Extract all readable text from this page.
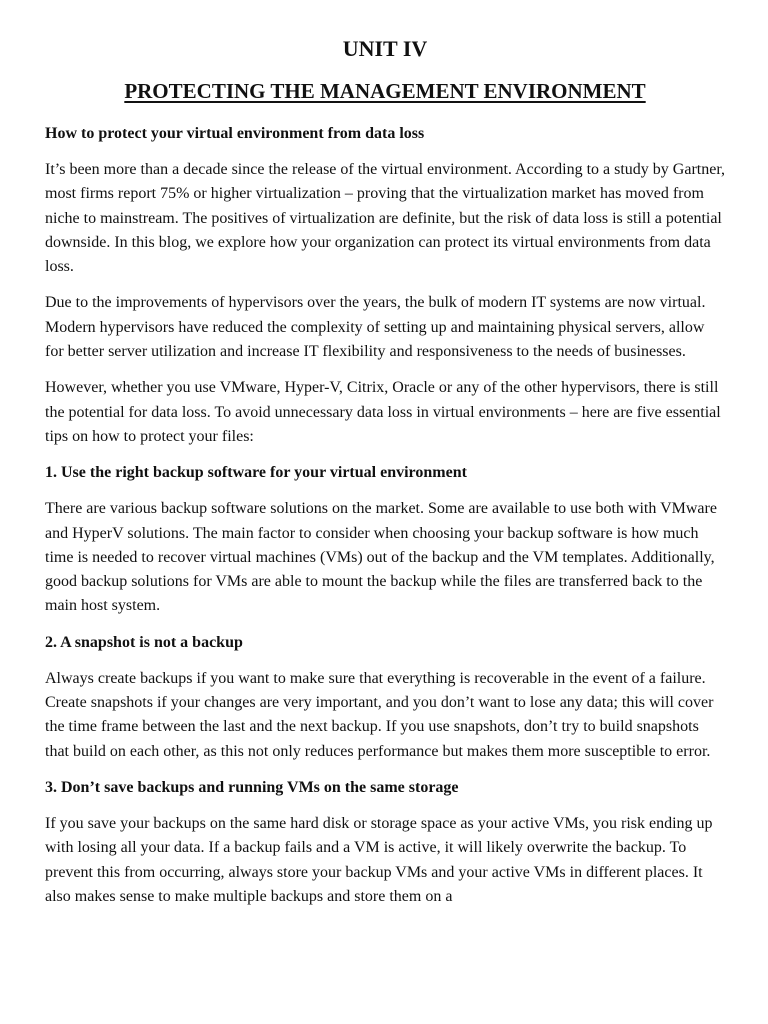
UNIT IV
PROTECTING THE MANAGEMENT ENVIRONMENT
How to protect your virtual environment from data loss

It’s been more than a decade since the release of the virtual environment. According to a study by Gartner, most firms report 75% or higher virtualization – proving that the virtualization market has moved from niche to mainstream. The positives of virtualization are definite, but the risk of data loss is still a potential downside. In this blog, we explore how your organization can protect its virtual environments from data loss.

Due to the improvements of hypervisors over the years, the bulk of modern IT systems are now virtual. Modern hypervisors have reduced the complexity of setting up and maintaining physical servers, allow for better server utilization and increase IT flexibility and responsiveness to the needs of businesses.

However, whether you use VMware, Hyper-V, Citrix, Oracle or any of the other hypervisors, there is still the potential for data loss. To avoid unnecessary data loss in virtual environments – here are five essential tips on how to protect your files:

1. Use the right backup software for your virtual environment

There are various backup software solutions on the market. Some are available to use both with VMware and HyperV solutions. The main factor to consider when choosing your backup software is how much time is needed to recover virtual machines (VMs) out of the backup and the VM templates. Additionally, good backup solutions for VMs are able to mount the backup while the files are transferred back to the main host system.

2. A snapshot is not a backup

Always create backups if you want to make sure that everything is recoverable in the event of a failure. Create snapshots if your changes are very important, and you don’t want to lose any data; this will cover the time frame between the last and the next backup. If you use snapshots, don’t try to build snapshots that build on each other, as this not only reduces performance but makes them more susceptible to error.

3. Don’t save backups and running VMs on the same storage

If you save your backups on the same hard disk or storage space as your active VMs, you risk ending up with losing all your data. If a backup fails and a VM is active, it will likely overwrite the backup. To prevent this from occurring, always store your backup VMs and your active VMs in different places. It also makes sense to make multiple backups and store them on a
